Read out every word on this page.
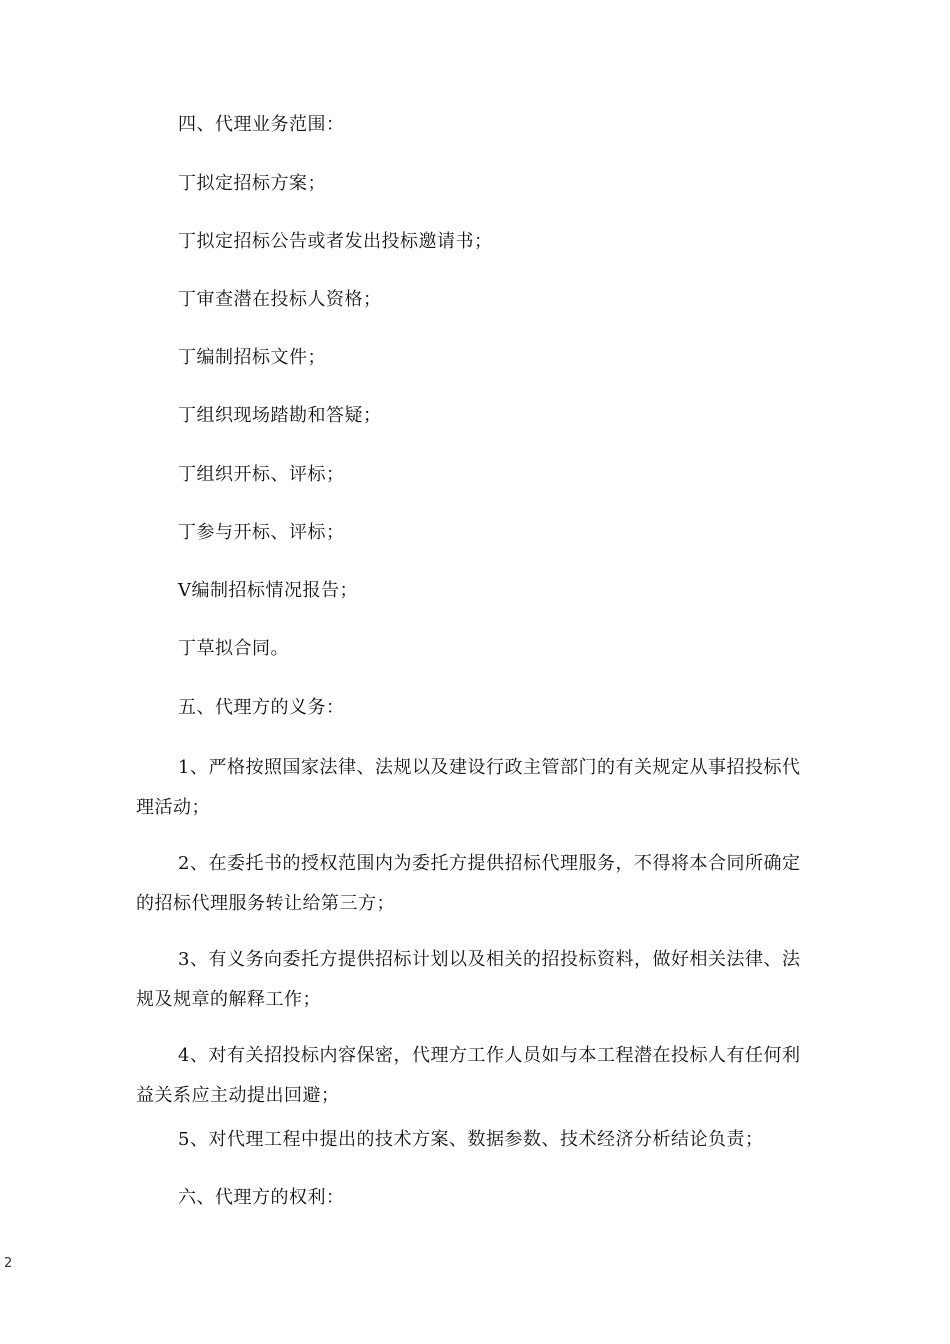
四、代理业务范围：
丁拟定招标方案；
丁拟定招标公告或者发出投标邀请书；
丁审查潜在投标人资格；
丁编制招标文件；
丁组织现场踏勘和答疑；
丁组织开标、评标；
丁参与开标、评标；
V编制招标情况报告；
丁草拟合同。
五、代理方的义务：
1、严格按照国家法律、法规以及建设行政主管部门的有关规定从事招投标代理活动；
2、在委托书的授权范围内为委托方提供招标代理服务，不得将本合同所确定的招标代理服务转让给第三方；
3、有义务向委托方提供招标计划以及相关的招投标资料，做好相关法律、法规及规章的解释工作；
4、对有关招投标内容保密，代理方工作人员如与本工程潜在投标人有任何利益关系应主动提出回避；
5、对代理工程中提出的技术方案、数据参数、技术经济分析结论负责；
六、代理方的权利：
2
